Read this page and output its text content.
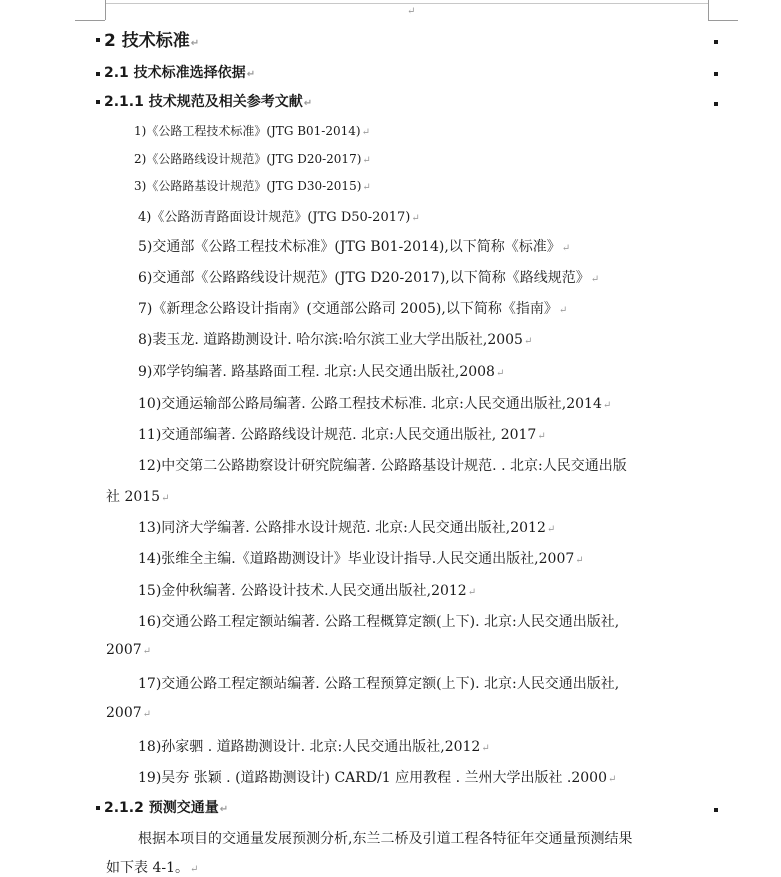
↵
2 技术标准↵
2.1 技术标准选择依据↵
2.1.1 技术规范及相关参考文献↵
1)《公路工程技术标准》(JTG B01-2014)↵
2)《公路路线设计规范》(JTG D20-2017)↵
3)《公路路基设计规范》(JTG D30-2015)↵
4)《公路沥青路面设计规范》(JTG D50-2017)↵
5)交通部《公路工程技术标准》(JTG B01-2014),以下简称《标准》↵
6)交通部《公路路线设计规范》(JTG D20-2017),以下简称《路线规范》↵
7)《新理念公路设计指南》(交通部公路司 2005),以下简称《指南》↵
8)裴玉龙. 道路勘测设计. 哈尔滨:哈尔滨工业大学出版社,2005↵
9)邓学钧编著. 路基路面工程. 北京:人民交通出版社,2008↵
10)交通运输部公路局编著. 公路工程技术标准. 北京:人民交通出版社,2014↵
11)交通部编著. 公路路线设计规范. 北京:人民交通出版社, 2017↵
12)中交第二公路勘察设计研究院编著. 公路路基设计规范. . 北京:人民交通出版
社 2015↵
13)同济大学编著. 公路排水设计规范. 北京:人民交通出版社,2012↵
14)张维全主编.《道路勘测设计》毕业设计指导.人民交通出版社,2007↵
15)金仲秋编著. 公路设计技术.人民交通出版社,2012↵
16)交通公路工程定额站编著. 公路工程概算定额(上下). 北京:人民交通出版社,
2007↵
17)交通公路工程定额站编著. 公路工程预算定额(上下). 北京:人民交通出版社,
2007↵
18)孙家驷 . 道路勘测设计. 北京:人民交通出版社,2012↵
19)吴夯 张颖 . (道路勘测设计) CARD/1 应用教程 . 兰州大学出版社 .2000↵
2.1.2 预测交通量↵
根据本项目的交通量发展预测分析,东兰二桥及引道工程各特征年交通量预测结果
如下表 4-1。↵
